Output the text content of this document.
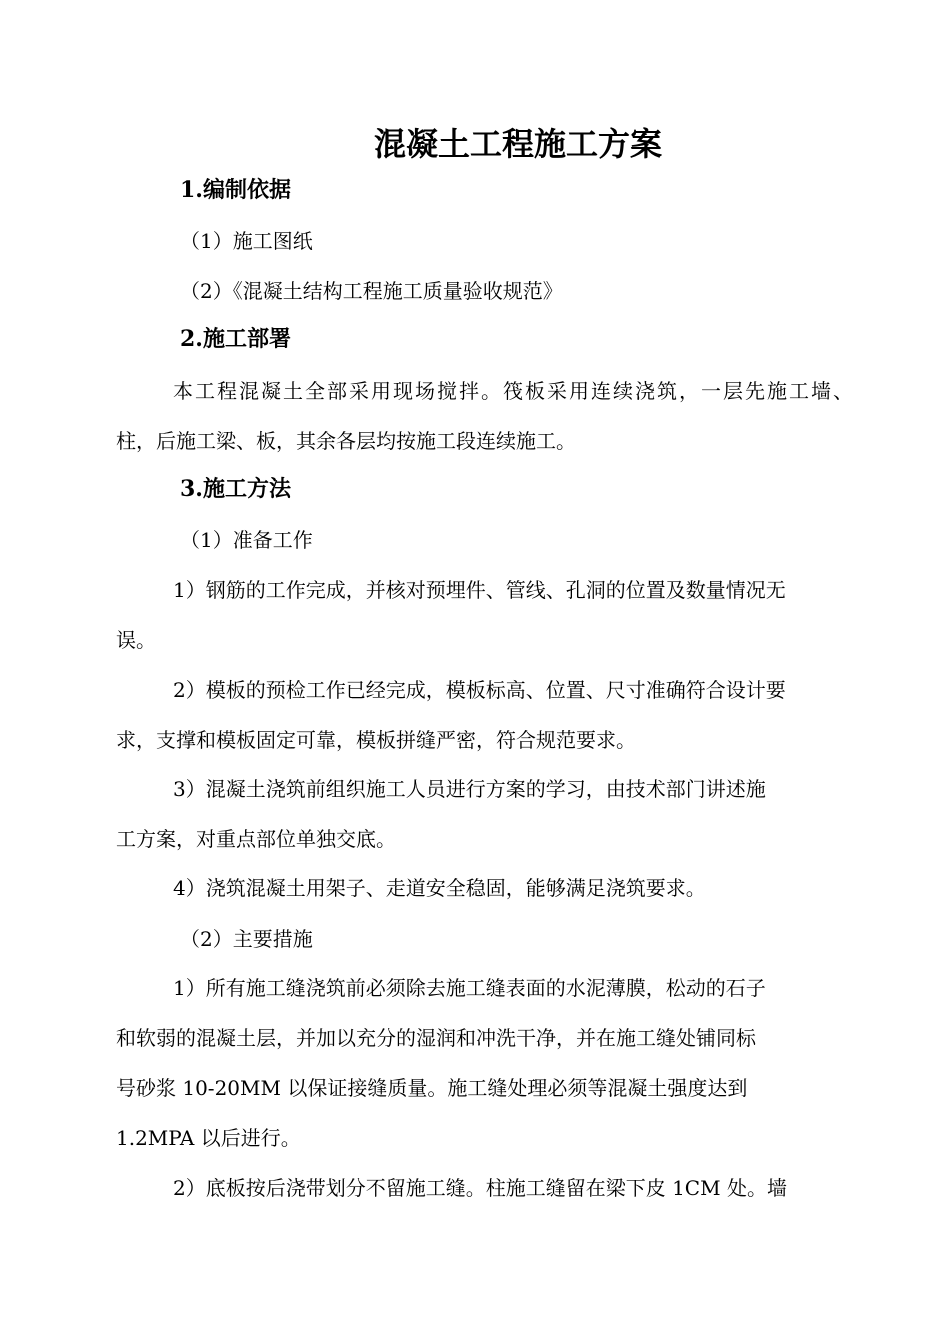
混凝土工程施工方案
1.编制依据

（1）施工图纸

（2）《混凝土结构工程施工质量验收规范》

2.施工部署

本工程混凝土全部采用现场搅拌。筏板采用连续浇筑，一层先施工墙、

柱，后施工梁、板，其余各层均按施工段连续施工。

3.施工方法

（1）准备工作

1）钢筋的工作完成，并核对预埋件、管线、孔洞的位置及数量情况无

误。

2）模板的预检工作已经完成，模板标高、位置、尺寸准确符合设计要

求，支撑和模板固定可靠，模板拼缝严密，符合规范要求。

3）混凝土浇筑前组织施工人员进行方案的学习，由技术部门讲述施

工方案，对重点部位单独交底。

4）浇筑混凝土用架子、走道安全稳固，能够满足浇筑要求。

（2）主要措施

1）所有施工缝浇筑前必须除去施工缝表面的水泥薄膜，松动的石子

和软弱的混凝土层，并加以充分的湿润和冲洗干净，并在施工缝处铺同标

号砂浆 10-20MM 以保证接缝质量。施工缝处理必须等混凝土强度达到

1.2MPA 以后进行。

2）底板按后浇带划分不留施工缝。柱施工缝留在梁下皮 1CM 处。墙
